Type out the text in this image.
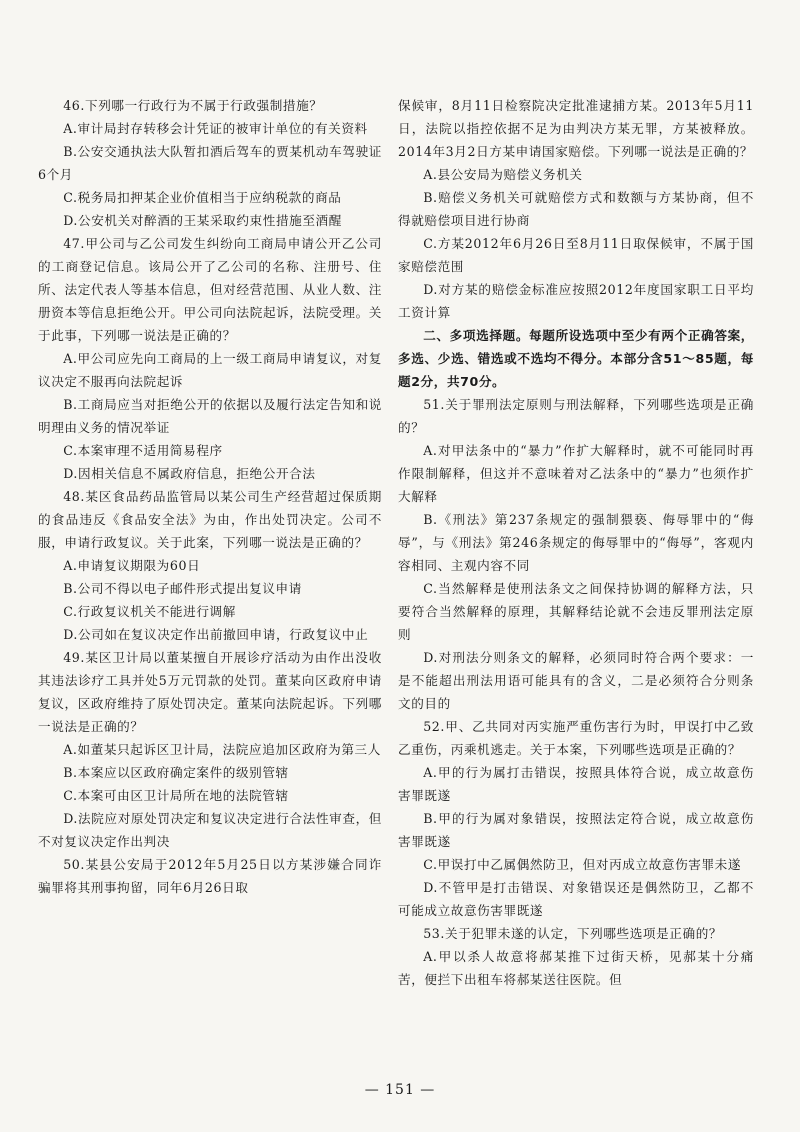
46.下列哪一行政行为不属于行政强制措施？

A.审计局封存转移会计凭证的被审计单位的有关资料

B.公安交通执法大队暂扣酒后驾车的贾某机动车驾驶证6个月

C.税务局扣押某企业价值相当于应纳税款的商品

D.公安机关对醉酒的王某采取约束性措施至酒醒

47.甲公司与乙公司发生纠纷向工商局申请公开乙公司的工商登记信息。该局公开了乙公司的名称、注册号、住所、法定代表人等基本信息，但对经营范围、从业人数、注册资本等信息拒绝公开。甲公司向法院起诉，法院受理。关于此事，下列哪一说法是正确的？

A.甲公司应先向工商局的上一级工商局申请复议，对复议决定不服再向法院起诉

B.工商局应当对拒绝公开的依据以及履行法定告知和说明理由义务的情况举证

C.本案审理不适用简易程序

D.因相关信息不属政府信息，拒绝公开合法

48.某区食品药品监管局以某公司生产经营超过保质期的食品违反《食品安全法》为由，作出处罚决定。公司不服，申请行政复议。关于此案，下列哪一说法是正确的？

A.申请复议期限为60日

B.公司不得以电子邮件形式提出复议申请

C.行政复议机关不能进行调解

D.公司如在复议决定作出前撤回申请，行政复议中止

49.某区卫计局以董某擅自开展诊疗活动为由作出没收其违法诊疗工具并处5万元罚款的处罚。董某向区政府申请复议，区政府维持了原处罚决定。董某向法院起诉。下列哪一说法是正确的？

A.如董某只起诉区卫计局，法院应追加区政府为第三人

B.本案应以区政府确定案件的级别管辖

C.本案可由区卫计局所在地的法院管辖

D.法院应对原处罚决定和复议决定进行合法性审查，但不对复议决定作出判决

50.某县公安局于2012年5月25日以方某涉嫌合同诈骗罪将其刑事拘留，同年6月26日取

保候审，8月11日检察院决定批准逮捕方某。2013年5月11日，法院以指控依据不足为由判决方某无罪，方某被释放。2014年3月2日方某申请国家赔偿。下列哪一说法是正确的？

A.县公安局为赔偿义务机关

B.赔偿义务机关可就赔偿方式和数额与方某协商，但不得就赔偿项目进行协商

C.方某2012年6月26日至8月11日取保候审，不属于国家赔偿范围

D.对方某的赔偿金标准应按照2012年度国家职工日平均工资计算

二、多项选择题。每题所设选项中至少有两个正确答案，多选、少选、错选或不选均不得分。本部分含51～85题，每题2分，共70分。

51.关于罪刑法定原则与刑法解释，下列哪些选项是正确的？

A.对甲法条中的“暴力”作扩大解释时，就不可能同时再作限制解释，但这并不意味着对乙法条中的“暴力”也须作扩大解释

B.《刑法》第237条规定的强制猥亵、侮辱罪中的“侮辱”，与《刑法》第246条规定的侮辱罪中的“侮辱”，客观内容相同、主观内容不同

C.当然解释是使刑法条文之间保持协调的解释方法，只要符合当然解释的原理，其解释结论就不会违反罪刑法定原则

D.对刑法分则条文的解释，必须同时符合两个要求：一是不能超出刑法用语可能具有的含义，二是必须符合分则条文的目的

52.甲、乙共同对丙实施严重伤害行为时，甲误打中乙致乙重伤，丙乘机逃走。关于本案，下列哪些选项是正确的？

A.甲的行为属打击错误，按照具体符合说，成立故意伤害罪既遂

B.甲的行为属对象错误，按照法定符合说，成立故意伤害罪既遂

C.甲误打中乙属偶然防卫，但对丙成立故意伤害罪未遂

D.不管甲是打击错误、对象错误还是偶然防卫，乙都不可能成立故意伤害罪既遂

53.关于犯罪未遂的认定，下列哪些选项是正确的？

A.甲以杀人故意将郝某推下过街天桥，见郝某十分痛苦，便拦下出租车将郝某送往医院。但

— 151 —
